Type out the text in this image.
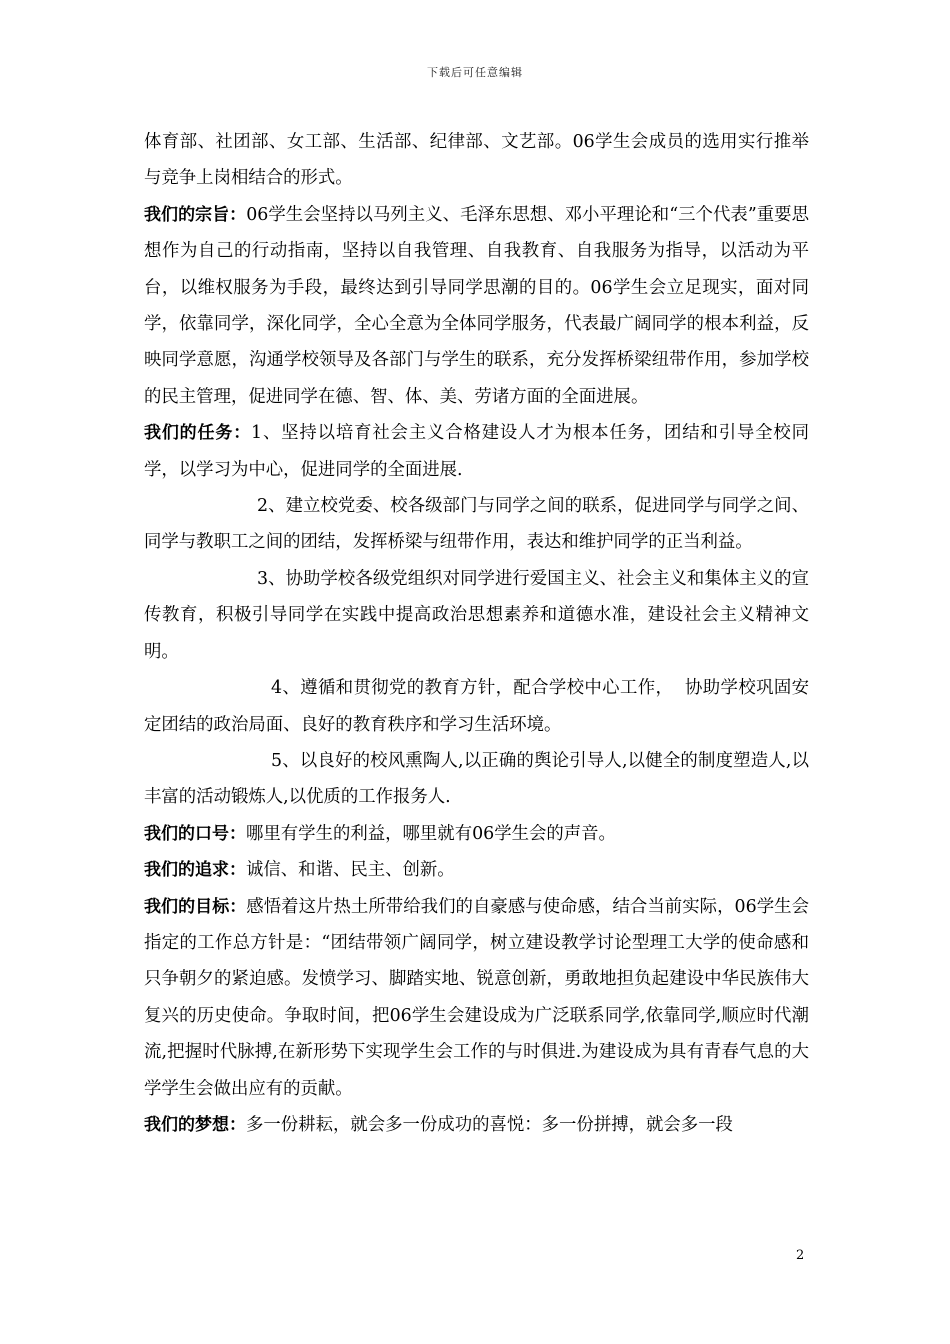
下载后可任意编辑

体育部、社团部、女工部、生活部、纪律部、文艺部。06学生会成员的选用实行推举与竞争上岗相结合的形式。

我们的宗旨：06学生会坚持以马列主义、毛泽东思想、邓小平理论和“三个代表”重要思想作为自己的行动指南，坚持以自我管理、自我教育、自我服务为指导，以活动为平台，以维权服务为手段，最终达到引导同学思潮的目的。06学生会立足现实，面对同学，依靠同学，深化同学，全心全意为全体同学服务，代表最广阔同学的根本利益，反映同学意愿，沟通学校领导及各部门与学生的联系，充分发挥桥梁纽带作用，参加学校的民主管理，促进同学在德、智、体、美、劳诸方面的全面进展。

我们的任务：1、坚持以培育社会主义合格建设人才为根本任务，团结和引导全校同学，以学习为中心，促进同学的全面进展.

2、建立校党委、校各级部门与同学之间的联系，促进同学与同学之间、同学与教职工之间的团结，发挥桥梁与纽带作用，表达和维护同学的正当利益。

3、协助学校各级党组织对同学进行爱国主义、社会主义和集体主义的宣传教育，积极引导同学在实践中提高政治思想素养和道德水准，建设社会主义精神文明。

4、遵循和贯彻党的教育方针，配合学校中心工作，  协助学校巩固安定团结的政治局面、良好的教育秩序和学习生活环境。

5、以良好的校风熏陶人,以正确的舆论引导人,以健全的制度塑造人,以丰富的活动锻炼人,以优质的工作报务人.

我们的口号：哪里有学生的利益，哪里就有06学生会的声音。

我们的追求：诚信、和谐、民主、创新。

我们的目标：感悟着这片热土所带给我们的自豪感与使命感，结合当前实际，06学生会指定的工作总方针是：“团结带领广阔同学，树立建设教学讨论型理工大学的使命感和只争朝夕的紧迫感。发愤学习、脚踏实地、锐意创新，勇敢地担负起建设中华民族伟大复兴的历史使命。争取时间，把06学生会建设成为广泛联系同学,依靠同学,顺应时代潮流,把握时代脉搏,在新形势下实现学生会工作的与时俱进.为建设成为具有青春气息的大学学生会做出应有的贡献。

我们的梦想：多一份耕耘，就会多一份成功的喜悦：多一份拼搏，就会多一段

2
